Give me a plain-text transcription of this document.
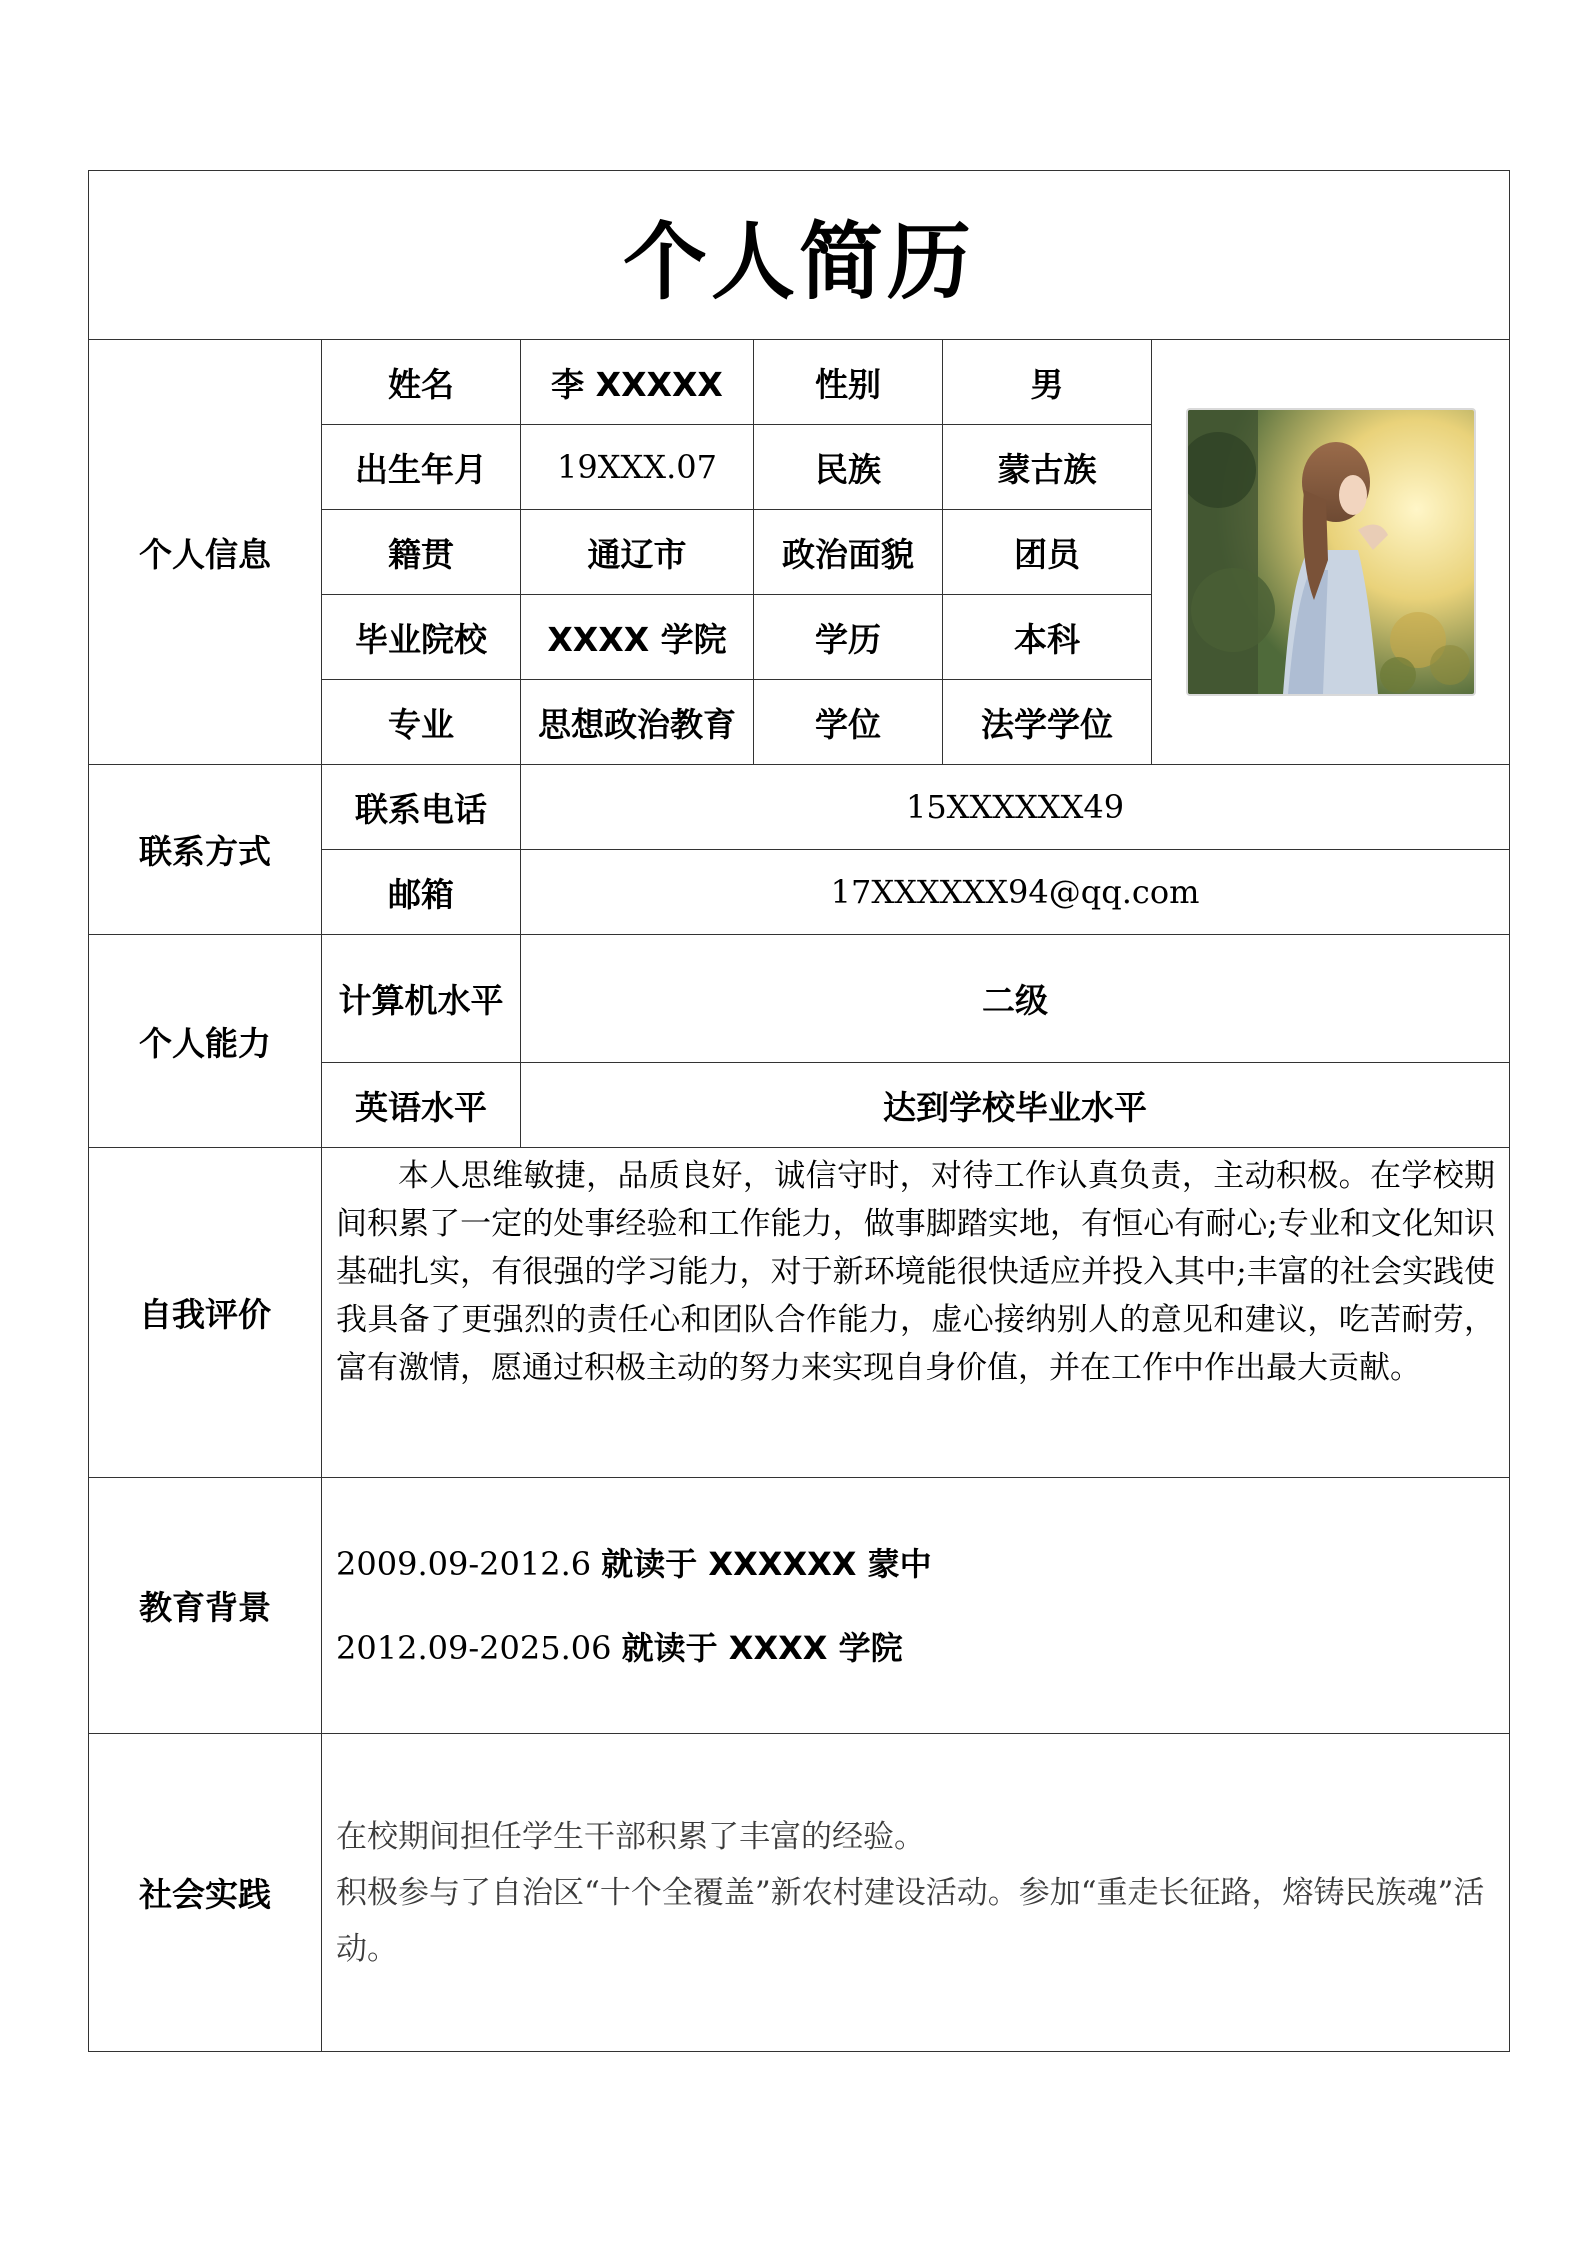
个人简历					
个人信息	姓名	李 XXXXX	性别	男	

	出生年月	19XXX.07	民族	蒙古族	
	籍贯	通辽市	政治面貌	团员	
	毕业院校	XXXX 学院	学历	本科	
	专业	思想政治教育	学位	法学学位	
联系方式	联系电话	15XXXXXX49			
	邮箱	17XXXXXX94@qq.com			
个人能力	计算机水平	二级			
	英语水平	达到学校毕业水平			
自我评价	本人思维敏捷，品质良好，诚信守时，对待工作认真负责，主动积极。在学校期间积累了一定的处事经验和工作能力，做事脚踏实地，有恒心有耐心;专业和文化知识基础扎实，有很强的学习能力，对于新环境能很快适应并投入其中;丰富的社会实践使我具备了更强烈的责任心和团队合作能力，虚心接纳别人的意见和建议，吃苦耐劳，富有激情，愿通过积极主动的努力来实现自身价值，并在工作中作出最大贡献。				

教育背景	2009.09-2012.6 就读于 XXXXXX 蒙中

2012.09-2025.06 就读于 XXXX 学院				

社会实践	在校期间担任学生干部积累了丰富的经验。

积极参与了自治区“十个全覆盖”新农村建设活动。参加“重走长征路，熔铸民族魂”活动。				
